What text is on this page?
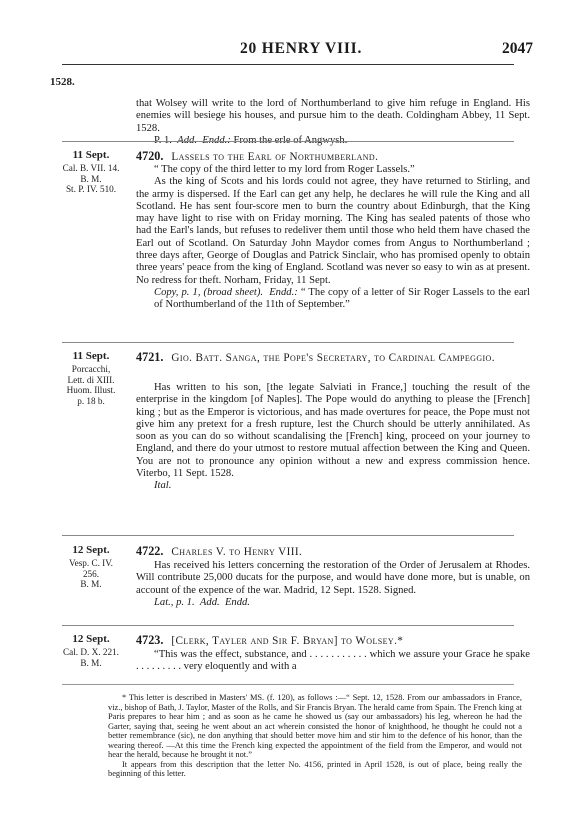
20 HENRY VIII.	2047
1528.

that Wolsey will write to the lord of Northumberland to give him refuge in England. His enemies will besiege his houses, and pursue him to the death. Coldingham Abbey, 11 Sept. 1528.

P. 1. Add. Endd.: From the erle of Angwysh.

11 Sept.
Cal. B. VII. 14.
B. M.
St. P. IV. 510.
4720. Lassels to the Earl of Northumberland.

“ The copy of the third letter to my lord from Roger Lassels.”

As the king of Scots and his lords could not agree, they have returned to Stirling, and the army is dispersed. If the Earl can get any help, he declares he will rule the King and all Scotland. He has sent four-score men to burn the country about Edinburgh, that the King may have light to rise with on Friday morning. The King has sealed patents of those who had the Earl's lands, but refuses to redeliver them until those who held them have chased the Earl out of Scotland. On Saturday John Maydor comes from Angus to Northumberland ; three days after, George of Douglas and Patrick Sinclair, who has promised openly to obtain three years' peace from the king of England. Scotland was never so easy to win as at present. No redress for theft. Norham, Friday, 11 Sept.

Copy, p. 1, (broad sheet). Endd.: “ The copy of a letter of Sir Roger Lassels to the earl of Northumberland of the 11th of September.”

11 Sept.
Porcacchi,
Lett. di XIII.
Huom. Illust.
p. 18 b.
4721. Gio. Batt. Sanga, the Pope's Secretary, to Cardinal Campeggio.

Has written to his son, [the legate Salviati in France,] touching the result of the enterprise in the kingdom [of Naples]. The Pope would do anything to please the [French] king ; but as the Emperor is victorious, and has made overtures for peace, the Pope must not give him any pretext for a fresh rupture, lest the Church should be utterly annihilated. As soon as you can do so without scandalising the [French] king, proceed on your journey to England, and there do your utmost to restore mutual affection between the King and Queen. You are not to pronounce any opinion without a new and express commission hence. Viterbo, 11 Sept. 1528.

Ital.

12 Sept.
Vesp. C. IV.
256.
B. M.
4722. Charles V. to Henry VIII.

Has received his letters concerning the restoration of the Order of Jerusalem at Rhodes. Will contribute 25,000 ducats for the purpose, and would have done more, but is unable, on account of the expence of the war. Madrid, 12 Sept. 1528. Signed.

Lat., p. 1. Add. Endd.

12 Sept.
Cal. D. X. 221.
B. M.
4723. [Clerk, Tayler and Sir F. Bryan] to Wolsey.*

“This was the effect, substance, and . . . . . . . . . . . which we assure your Grace he spake . . . . . . . . . very eloquently and with a

* This letter is described in Masters' MS. (f. 120), as follows :—“ Sept. 12, 1528. From our ambassadors in France, viz., bishop of Bath, J. Taylor, Master of the Rolls, and Sir Francis Bryan. The herald came from Spain. The French king at Paris prepares to hear him ; and as soon as he came he showed us (say our ambassadors) his leg, whereon he had the Garter, saying that, seeing he went about an act wherein consisted the honor of knighthood, he thought he could not a better remembrance (sic), ne don anything that should better move him and stir him to the defence of his honor, than the wearing thereof. —At this time the French king expected the appointment of the field from the Emperor, and would not hear the herald, because he brought it not.”

It appears from this description that the letter No. 4156, printed in April 1528, is out of place, being really the beginning of this letter.
